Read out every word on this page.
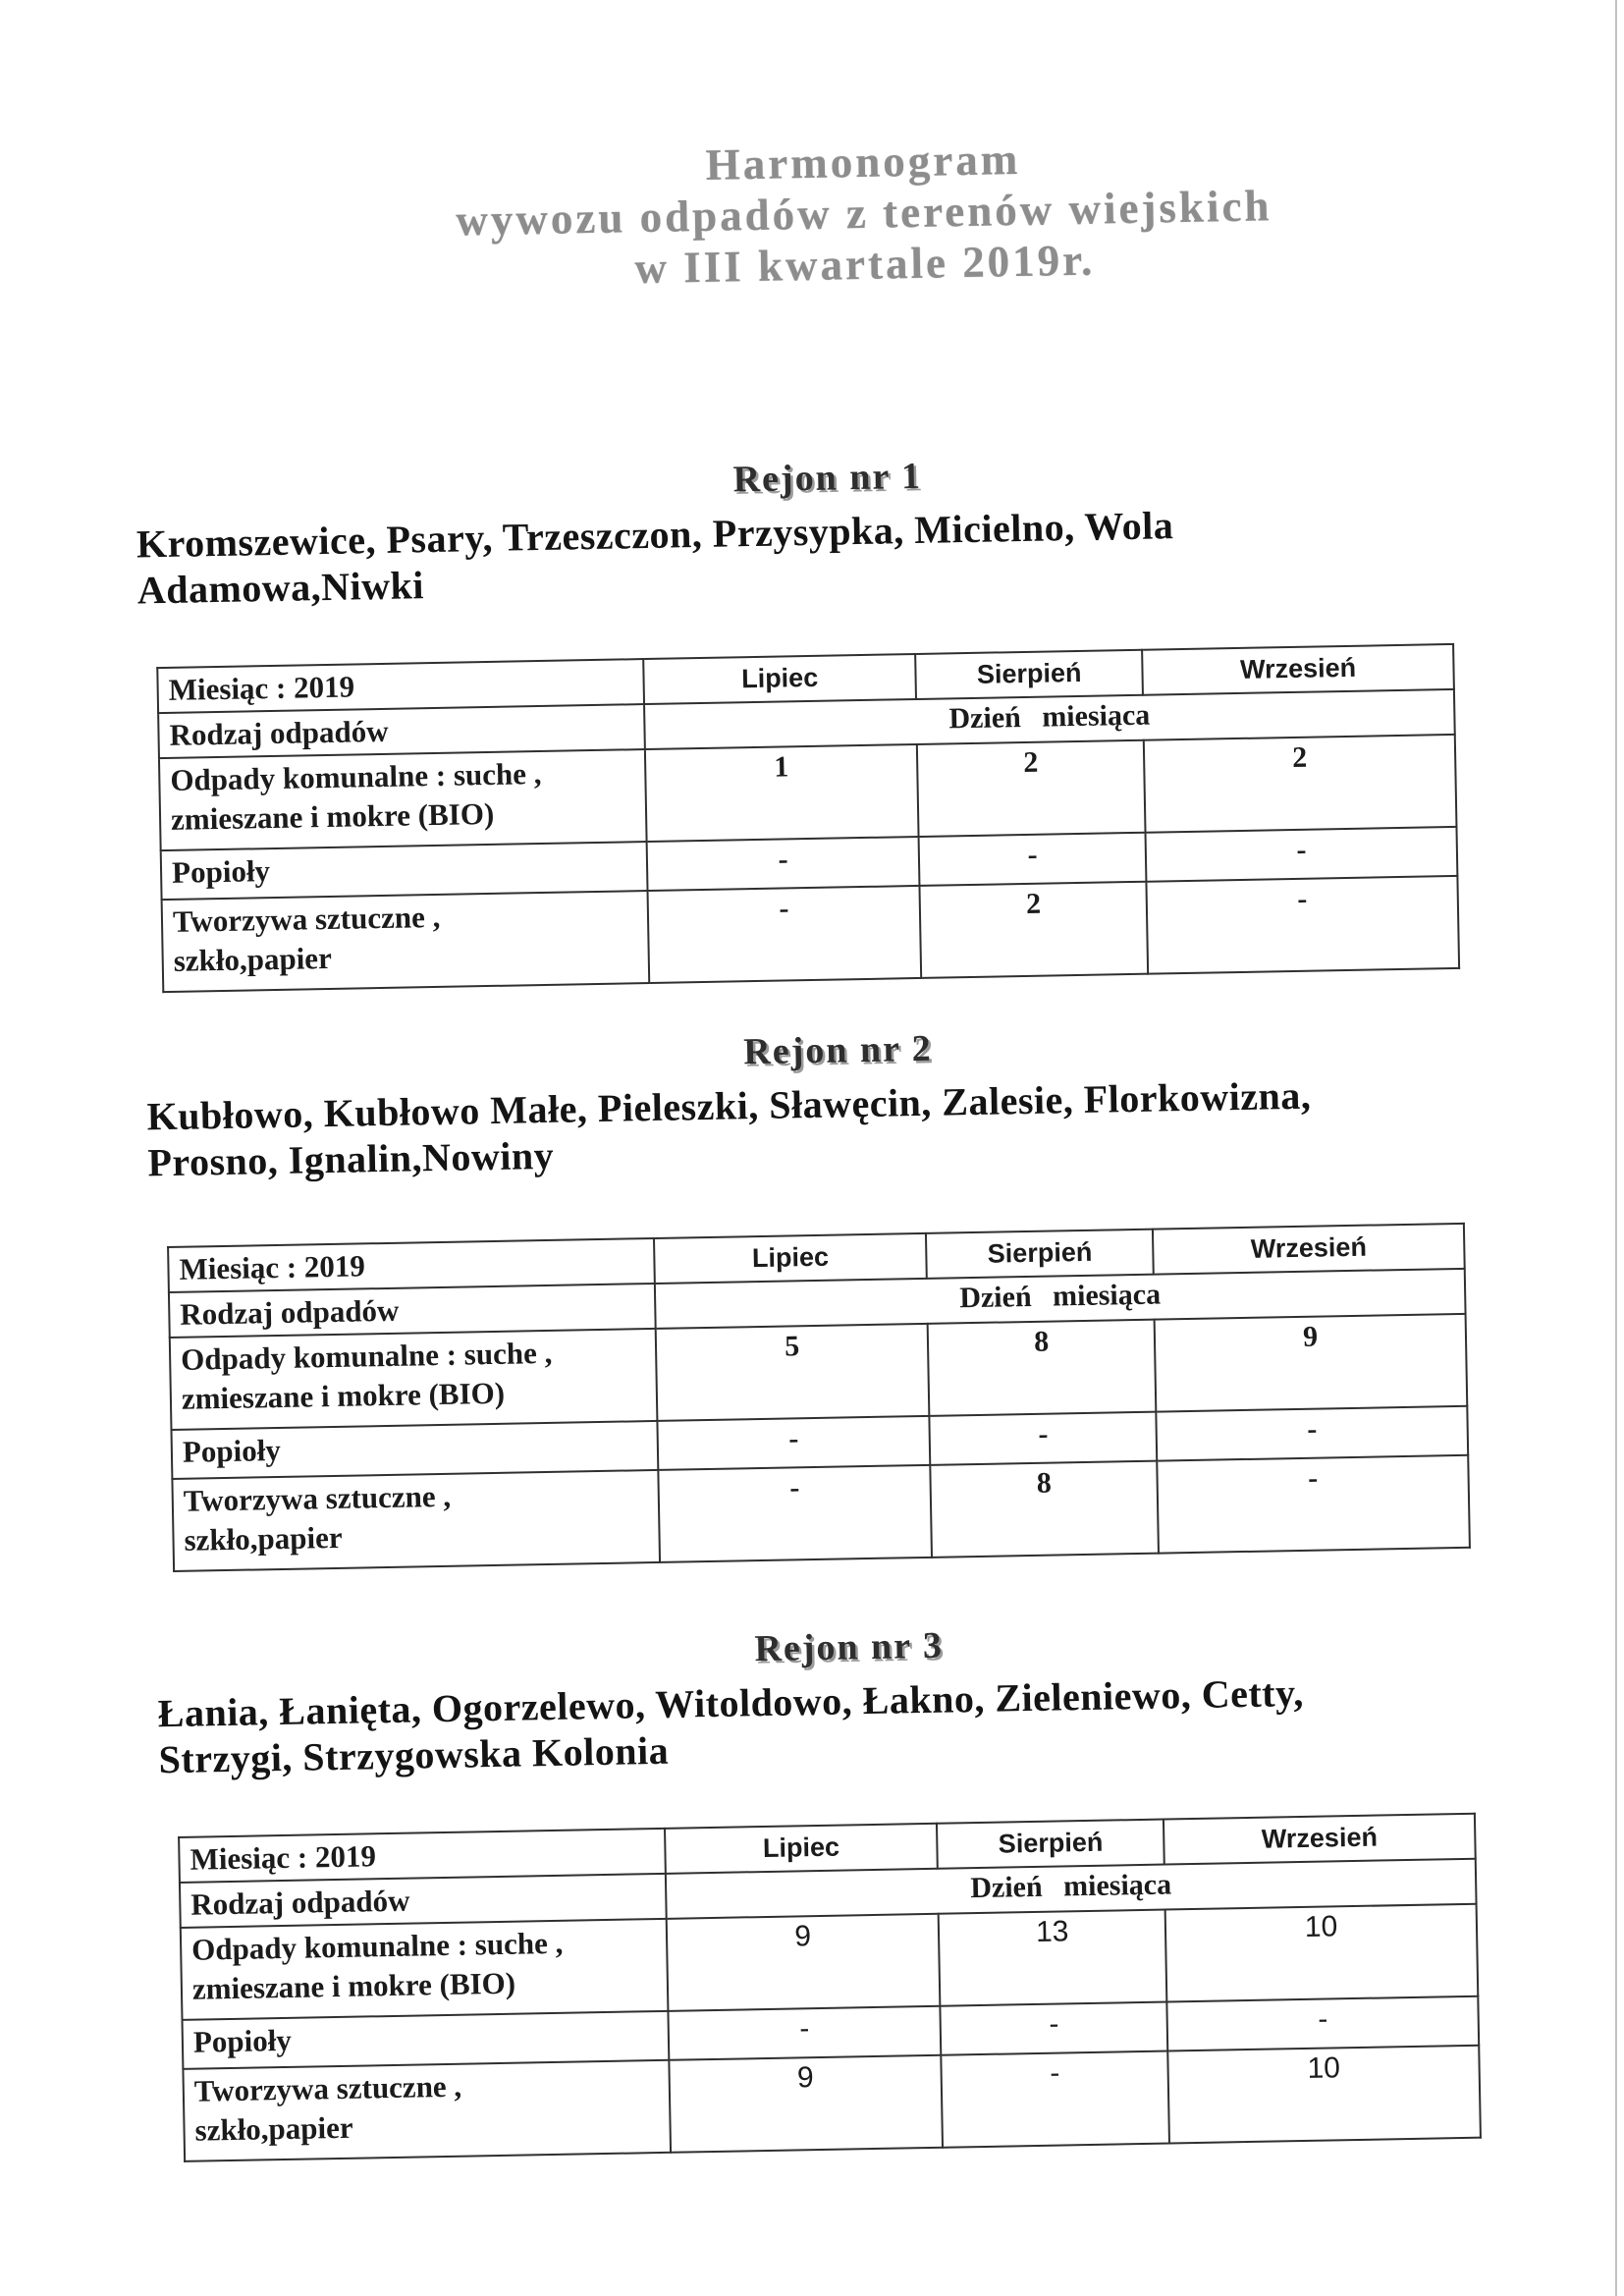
Harmonogram
wywozu odpadów z terenów wiejskich
w III kwartale 2019r.
Rejon nr 1

Kromszewice, Psary, Trzeszczon, Przysypka, Micielno, Wola
Adamowa,Niwki

Miesiąc : 2019	Lipiec	Sierpień	Wrzesień
Rodzaj odpadów	Dzień miesiąca		

Odpady komunalne : suche ,
zmieszane i mokre (BIO)	1	2	2
Popioły	-	-	-

Tworzywa sztuczne ,
szkło,papier	-	2	-
Rejon nr 2

Kubłowo, Kubłowo Małe, Pieleszki, Sławęcin, Zalesie, Florkowizna,
Prosno, Ignalin,Nowiny

Miesiąc : 2019	Lipiec	Sierpień	Wrzesień
Rodzaj odpadów	Dzień miesiąca		

Odpady komunalne : suche ,
zmieszane i mokre (BIO)	5	8	9
Popioły	-	-	-

Tworzywa sztuczne ,
szkło,papier	-	8	-
Rejon nr 3

Łania, Łanięta, Ogorzelewo, Witoldowo, Łakno, Zieleniewo, Cetty,
Strzygi, Strzygowska Kolonia

Miesiąc : 2019	Lipiec	Sierpień	Wrzesień
Rodzaj odpadów	Dzień miesiąca		

Odpady komunalne : suche ,
zmieszane i mokre (BIO)	9	13	10
Popioły	-	-	-

Tworzywa sztuczne ,
szkło,papier	9	-	10
